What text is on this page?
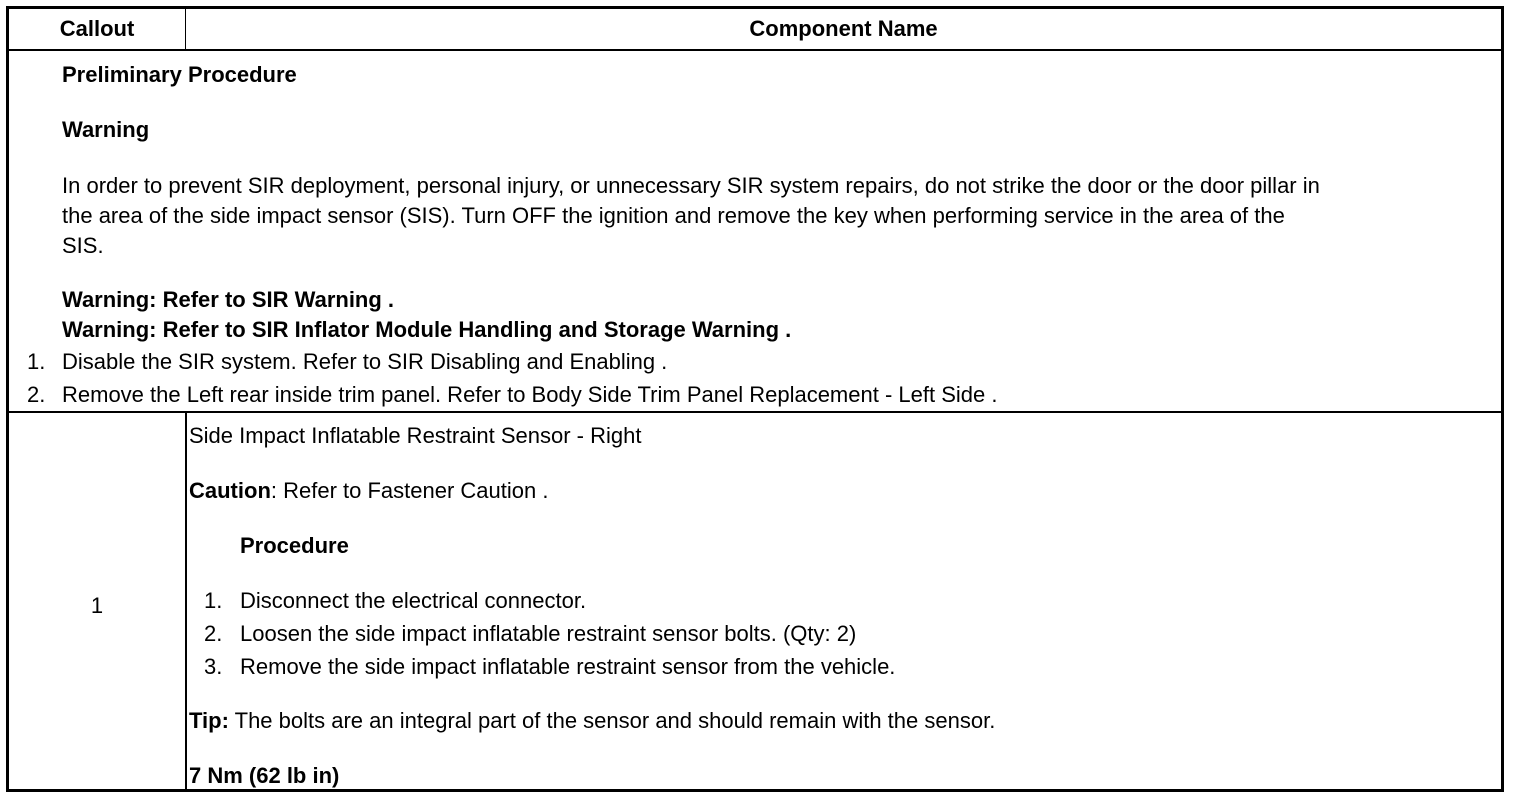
Callout	Component Name
Preliminary Procedure
Warning
In order to prevent SIR deployment, personal injury, or unnecessary SIR system repairs, do not strike the door or the door pillar in
the area of the side impact sensor (SIS). Turn OFF the ignition and remove the key when performing service in the area of the
SIS.
Warning: Refer to SIR Warning .
Warning: Refer to SIR Inflator Module Handling and Storage Warning .
1. Disable the SIR system. Refer to SIR Disabling and Enabling .
2. Remove the Left rear inside trim panel. Refer to Body Side Trim Panel Replacement - Left Side .
1
Side Impact Inflatable Restraint Sensor - Right
Caution: Refer to Fastener Caution .
Procedure
1. Disconnect the electrical connector.
2. Loosen the side impact inflatable restraint sensor bolts. (Qty: 2)
3. Remove the side impact inflatable restraint sensor from the vehicle.
Tip: The bolts are an integral part of the sensor and should remain with the sensor.
7 Nm (62 lb in)
